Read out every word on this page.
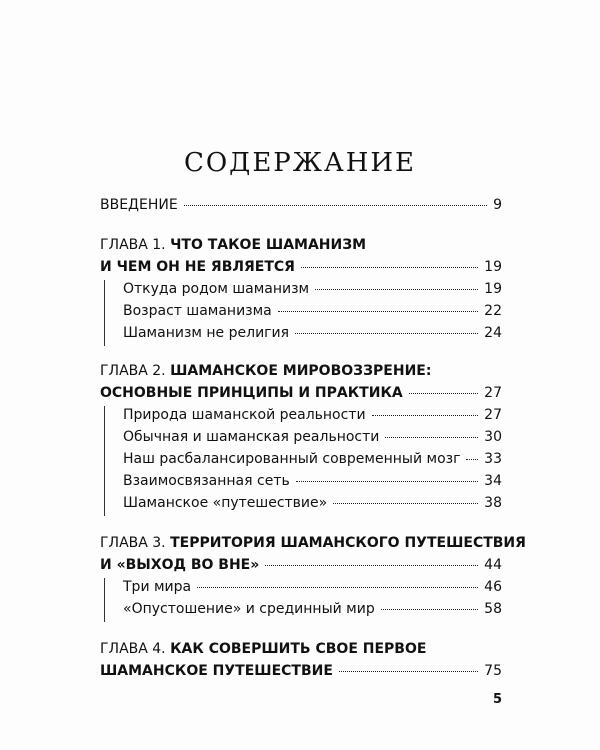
СОДЕРЖАНИЕ
ВВЕДЕНИЕ	9
ГЛАВА 1. ЧТО ТАКОЕ ШАМАНИЗМ
И ЧЕМ ОН НЕ ЯВЛЯЕТСЯ	19
Откуда родом шаманизм	19
Возраст шаманизма	22
Шаманизм не религия	24
ГЛАВА 2. ШАМАНСКОЕ МИРОВОЗЗРЕНИЕ:
ОСНОВНЫЕ ПРИНЦИПЫ И ПРАКТИКА	27
Природа шаманской реальности	27
Обычная и шаманская реальности	30
Наш расбалансированный современный мозг 33
Взаимосвязанная сеть	34
Шаманское «путешествие»	38
ГЛАВА 3. ТЕРРИТОРИЯ ШАМАНСКОГО ПУТЕШЕСТВИЯ
И «ВЫХОД ВО ВНЕ»	44
Три мира	46
«Опустошение» и срединный мир	58
ГЛАВА 4. КАК СОВЕРШИТЬ СВОЕ ПЕРВОЕ
ШАМАНСКОЕ ПУТЕШЕСТВИЕ	75
5
